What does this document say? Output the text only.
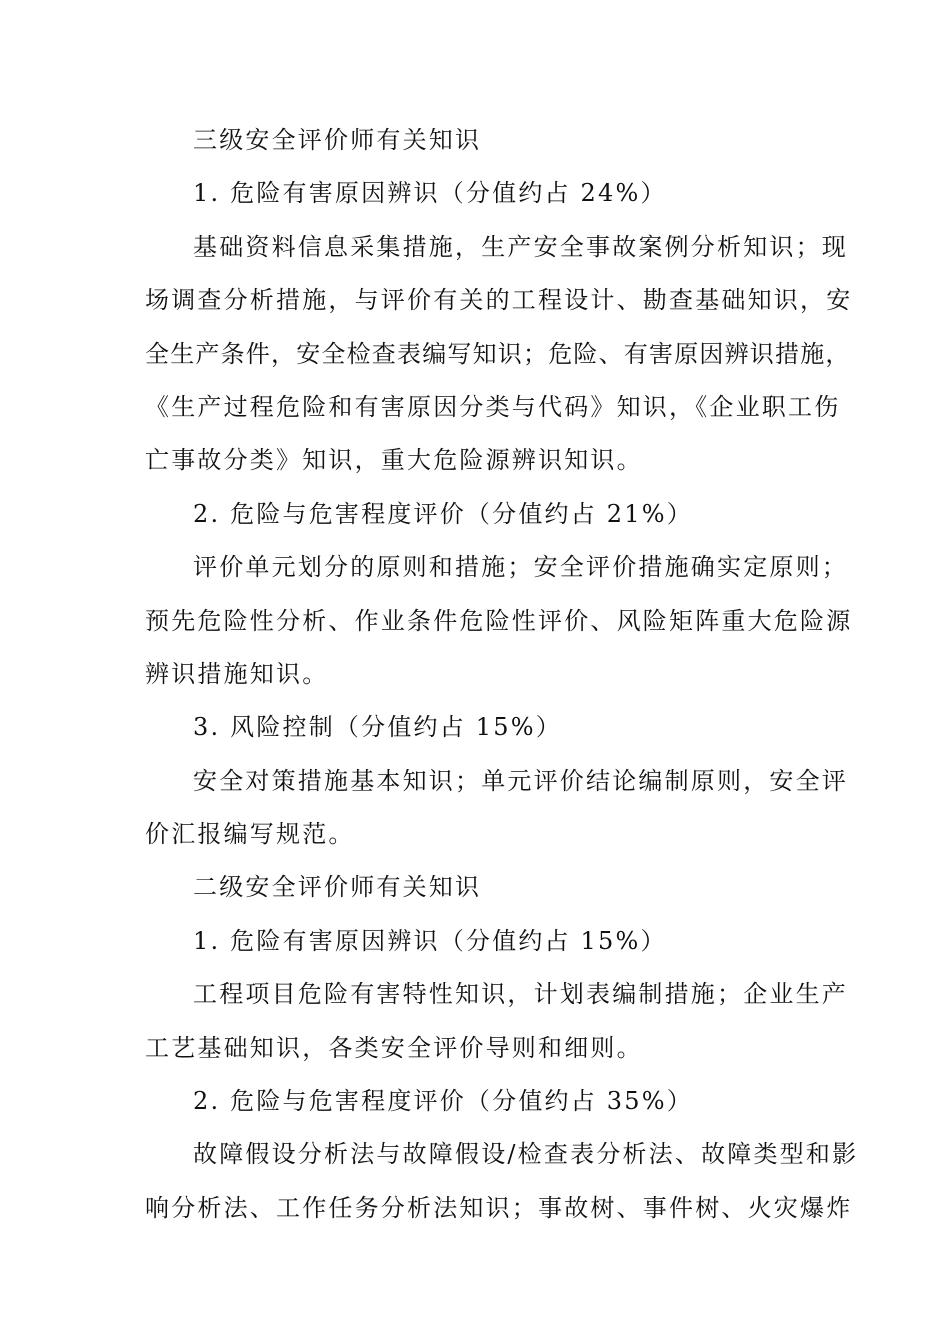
三级安全评价师有关知识
1. 危险有害原因辨识（分值约占 24%）
基础资料信息采集措施，生产安全事故案例分析知识；现
场调查分析措施，与评价有关的工程设计、勘查基础知识，安
全生产条件，安全检查表编写知识；危险、有害原因辨识措施，
《生产过程危险和有害原因分类与代码》知识，《企业职工伤
亡事故分类》知识，重大危险源辨识知识。
2. 危险与危害程度评价（分值约占 21%）
评价单元划分的原则和措施；安全评价措施确实定原则；
预先危险性分析、作业条件危险性评价、风险矩阵重大危险源
辨识措施知识。
3. 风险控制（分值约占 15%）
安全对策措施基本知识；单元评价结论编制原则，安全评
价汇报编写规范。
二级安全评价师有关知识
1. 危险有害原因辨识（分值约占 15%）
工程项目危险有害特性知识，计划表编制措施；企业生产
工艺基础知识，各类安全评价导则和细则。
2. 危险与危害程度评价（分值约占 35%）
故障假设分析法与故障假设/检查表分析法、故障类型和影
响分析法、工作任务分析法知识；事故树、事件树、火灾爆炸
